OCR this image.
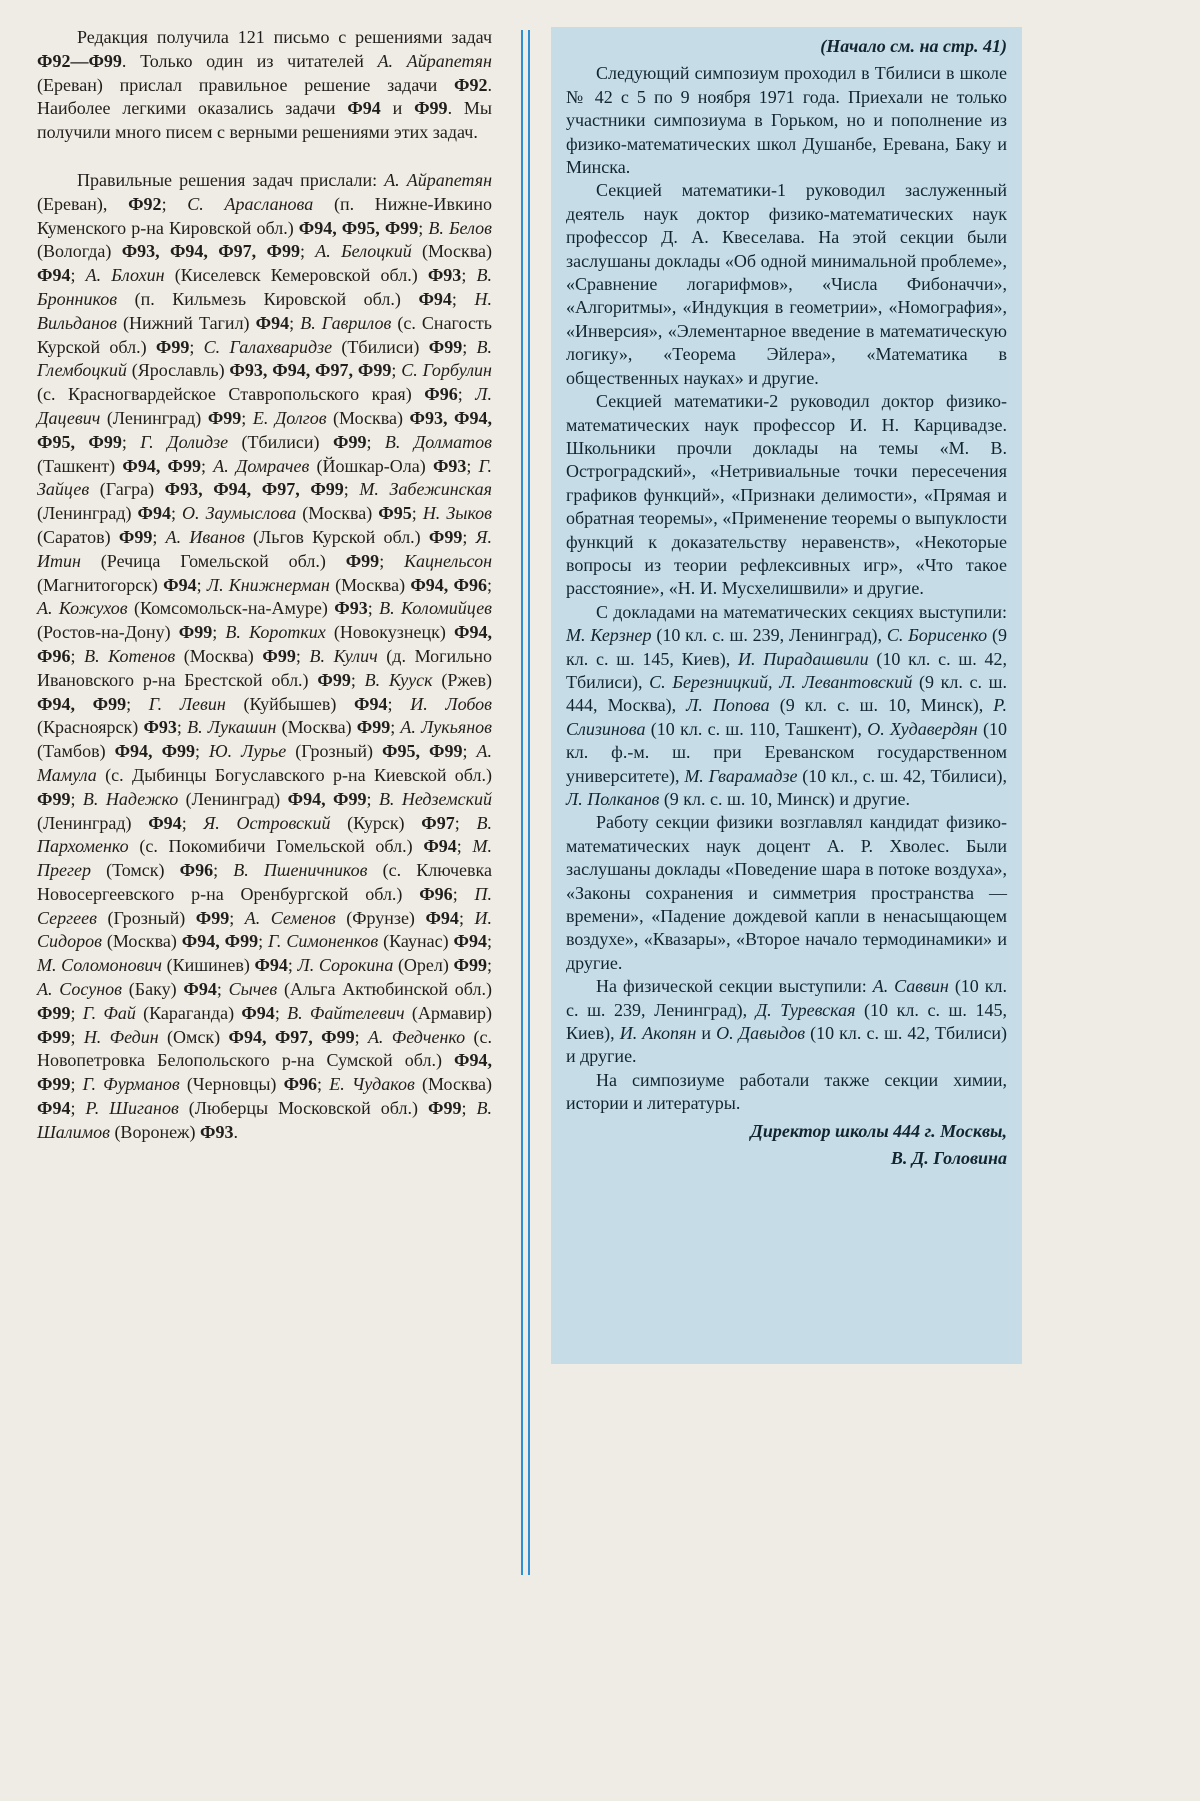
Редакция получила 121 письмо с решениями задач Ф92—Ф99. Только один из читателей А. Айрапетян (Ереван) прислал правильное решение задачи Ф92. Наиболее легкими оказались задачи Ф94 и Ф99. Мы получили много писем с верными решениями этих задач.

Правильные решения задач прислали: А. Айрапетян (Ереван), Ф92; С. Арасланова (п. Нижне-Ивкино Куменского р-на Кировской обл.) Ф94, Ф95, Ф99; В. Белов (Вологда) Ф93, Ф94, Ф97, Ф99; А. Белоцкий (Москва) Ф94; А. Блохин (Киселевск Кемеровской обл.) Ф93; В. Бронников (п. Кильмезь Кировской обл.) Ф94; Н. Вильданов (Нижний Тагил) Ф94; В. Гаврилов (с. Снагость Курской обл.) Ф99; С. Галахваридзе (Тбилиси) Ф99; В. Глембоцкий (Ярославль) Ф93, Ф94, Ф97, Ф99; С. Горбулин (с. Красногвардейское Ставропольского края) Ф96; Л. Дацевич (Ленинград) Ф99; Е. Долгов (Москва) Ф93, Ф94, Ф95, Ф99; Г. Долидзе (Тбилиси) Ф99; В. Долматов (Ташкент) Ф94, Ф99; А. Домрачев (Йошкар-Ола) Ф93; Г. Зайцев (Гагра) Ф93, Ф94, Ф97, Ф99; М. Забежинская (Ленинград) Ф94; О. Заумыслова (Москва) Ф95; Н. Зыков (Саратов) Ф99; А. Иванов (Льгов Курской обл.) Ф99; Я. Итин (Речица Гомельской обл.) Ф99; Кацнельсон (Магнитогорск) Ф94; Л. Книжнерман (Москва) Ф94, Ф96; А. Кожухов (Комсомольск-на-Амуре) Ф93; В. Коломийцев (Ростов-на-Дону) Ф99; В. Коротких (Новокузнецк) Ф94, Ф96; В. Котенов (Москва) Ф99; В. Кулич (д. Могильно Ивановского р-на Брестской обл.) Ф99; В. Кууск (Ржев) Ф94, Ф99; Г. Левин (Куйбышев) Ф94; И. Лобов (Красноярск) Ф93; В. Лукашин (Москва) Ф99; А. Лукьянов (Тамбов) Ф94, Ф99; Ю. Лурье (Грозный) Ф95, Ф99; А. Мамула (с. Дыбинцы Богуславского р-на Киевской обл.) Ф99; В. Надежко (Ленинград) Ф94, Ф99; В. Недземский (Ленинград) Ф94; Я. Островский (Курск) Ф97; В. Пархоменко (с. Покомибичи Гомельской обл.) Ф94; М. Прегер (Томск) Ф96; В. Пшеничников (с. Ключевка Новосергеевского р-на Оренбургской обл.) Ф96; П. Сергеев (Грозный) Ф99; А. Семенов (Фрунзе) Ф94; И. Сидоров (Москва) Ф94, Ф99; Г. Симоненков (Каунас) Ф94; М. Соломонович (Кишинев) Ф94; Л. Сорокина (Орел) Ф99; А. Сосунов (Баку) Ф94; Сычев (Альга Актюбинской обл.) Ф99; Г. Фай (Караганда) Ф94; В. Файтелевич (Армавир) Ф99; Н. Федин (Омск) Ф94, Ф97, Ф99; А. Федченко (с. Новопетровка Белопольского р-на Сумской обл.) Ф94, Ф99; Г. Фурманов (Черновцы) Ф96; Е. Чудаков (Москва) Ф94; Р. Шиганов (Люберцы Московской обл.) Ф99; В. Шалимов (Воронеж) Ф93.

(Начало см. на стр. 41)

Следующий симпозиум проходил в Тбилиси в школе № 42 с 5 по 9 ноября 1971 года. Приехали не только участники симпозиума в Горьком, но и пополнение из физико-математических школ Душанбе, Еревана, Баку и Минска.

Секцией математики-1 руководил заслуженный деятель наук доктор физико-математических наук профессор Д. А. Квеселава. На этой секции были заслушаны доклады «Об одной минимальной проблеме», «Сравнение логарифмов», «Числа Фибоначчи», «Алгоритмы», «Индукция в геометрии», «Номография», «Инверсия», «Элементарное введение в математическую логику», «Теорема Эйлера», «Математика в общественных науках» и другие.

Секцией математики-2 руководил доктор физико-математических наук профессор И. Н. Карцивадзе. Школьники прочли доклады на темы «М. В. Остроградский», «Нетривиальные точки пересечения графиков функций», «Признаки делимости», «Прямая и обратная теоремы», «Применение теоремы о выпуклости функций к доказательству неравенств», «Некоторые вопросы из теории рефлексивных игр», «Что такое расстояние», «Н. И. Мусхелишвили» и другие.

С докладами на математических секциях выступили: М. Керзнер (10 кл. с. ш. 239, Ленинград), С. Борисенко (9 кл. с. ш. 145, Киев), И. Пирадашвили (10 кл. с. ш. 42, Тбилиси), С. Березницкий, Л. Левантовский (9 кл. с. ш. 444, Москва), Л. Попова (9 кл. с. ш. 10, Минск), Р. Слизинова (10 кл. с. ш. 110, Ташкент), О. Худавердян (10 кл. ф.-м. ш. при Ереванском государственном университете), М. Гварамадзе (10 кл., с. ш. 42, Тбилиси), Л. Полканов (9 кл. с. ш. 10, Минск) и другие.

Работу секции физики возглавлял кандидат физико-математических наук доцент А. Р. Хволес. Были заслушаны доклады «Поведение шара в потоке воздуха», «Законы сохранения и симметрия пространства — времени», «Падение дождевой капли в ненасыщающем воздухе», «Квазары», «Второе начало термодинамики» и другие.

На физической секции выступили: А. Саввин (10 кл. с. ш. 239, Ленинград), Д. Туревская (10 кл. с. ш. 145, Киев), И. Акопян и О. Давыдов (10 кл. с. ш. 42, Тбилиси) и другие.

На симпозиуме работали также секции химии, истории и литературы.

Директор школы 444 г. Москвы,

В. Д. Головина
